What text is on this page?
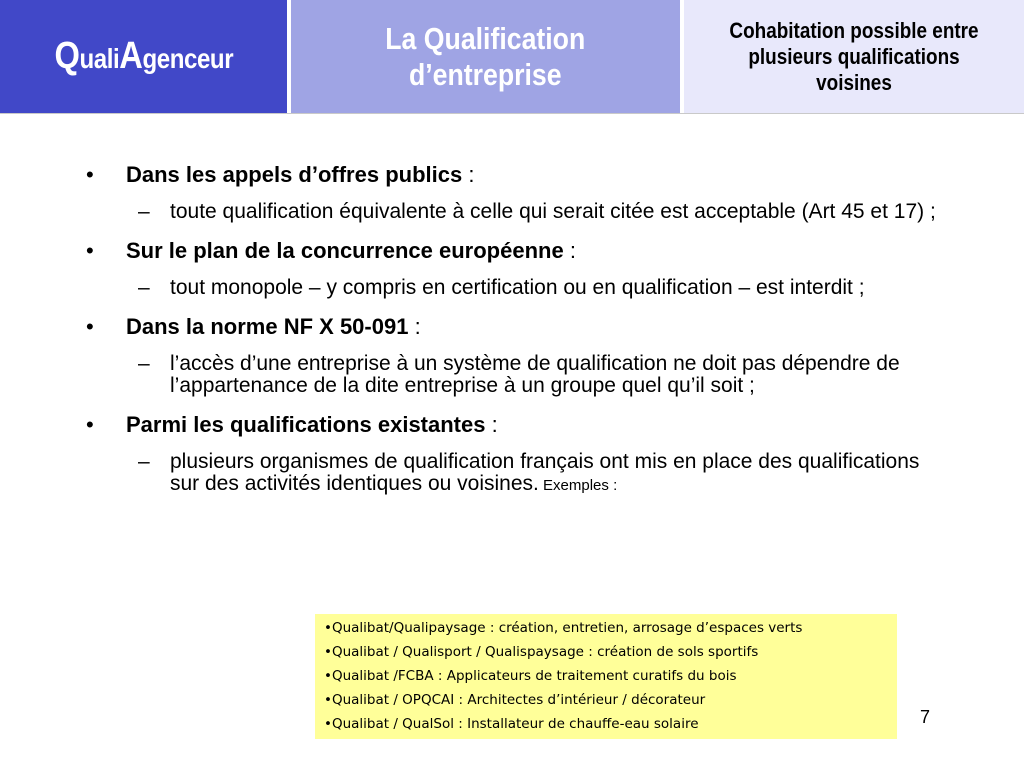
QualiAgenceur
La Qualification
d’entreprise
Cohabitation possible entre
plusieurs qualifications
voisines
• Dans les appels d’offres publics :
– toute qualification équivalente à celle qui serait citée est acceptable (Art 45 et 17) ;
• Sur le plan de la concurrence européenne :
– tout monopole – y compris en certification ou en qualification – est interdit ;
• Dans la norme NF X 50-091 :
– l’accès d’une entreprise à un système de qualification ne doit pas dépendre de l’appartenance de la dite entreprise à un groupe quel qu’il soit ;
• Parmi les qualifications existantes :
– plusieurs organismes de qualification français ont mis en place des qualifications sur des activités identiques ou voisines. Exemples :
•Qualibat/Qualipaysage : création, entretien, arrosage d’espaces verts
•Qualibat / Qualisport / Qualispaysage : création de sols sportifs
•Qualibat /FCBA : Applicateurs de traitement curatifs du bois
•Qualibat / OPQCAI : Architectes d’intérieur / décorateur
•Qualibat / QualSol : Installateur de chauffe-eau solaire	7
